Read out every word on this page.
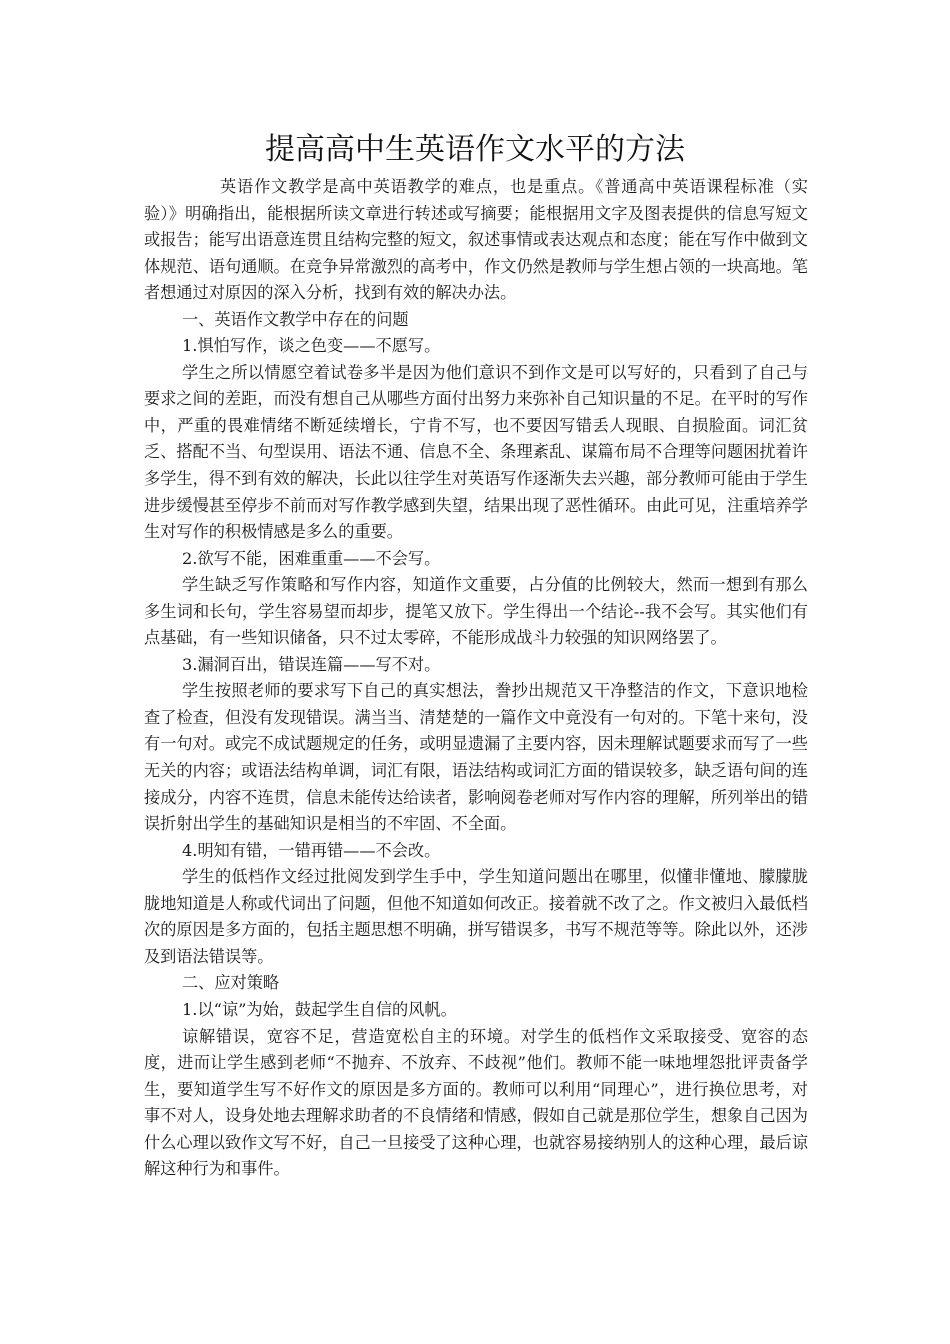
提高高中生英语作文水平的方法

英语作文教学是高中英语教学的难点，也是重点。《普通高中英语课程标准（实验）》明确指出，能根据所读文章进行转述或写摘要；能根据用文字及图表提供的信息写短文或报告；能写出语意连贯且结构完整的短文，叙述事情或表达观点和态度；能在写作中做到文体规范、语句通顺。在竞争异常激烈的高考中，作文仍然是教师与学生想占领的一块高地。笔者想通过对原因的深入分析，找到有效的解决办法。

一、英语作文教学中存在的问题

1.惧怕写作，谈之色变——不愿写。

学生之所以情愿空着试卷多半是因为他们意识不到作文是可以写好的，只看到了自己与要求之间的差距，而没有想自己从哪些方面付出努力来弥补自己知识量的不足。在平时的写作中，严重的畏难情绪不断延续增长，宁肯不写，也不要因写错丢人现眼、自损脸面。词汇贫乏、搭配不当、句型误用、语法不通、信息不全、条理紊乱、谋篇布局不合理等问题困扰着许多学生，得不到有效的解决，长此以往学生对英语写作逐渐失去兴趣，部分教师可能由于学生进步缓慢甚至停步不前而对写作教学感到失望，结果出现了恶性循环。由此可见，注重培养学生对写作的积极情感是多么的重要。

2.欲写不能，困难重重——不会写。

学生缺乏写作策略和写作内容，知道作文重要，占分值的比例较大，然而一想到有那么多生词和长句，学生容易望而却步，提笔又放下。学生得出一个结论--我不会写。其实他们有点基础，有一些知识储备，只不过太零碎，不能形成战斗力较强的知识网络罢了。

3.漏洞百出，错误连篇——写不对。

学生按照老师的要求写下自己的真实想法，誊抄出规范又干净整洁的作文，下意识地检查了检查，但没有发现错误。满当当、清楚楚的一篇作文中竟没有一句对的。下笔十来句，没有一句对。或完不成试题规定的任务，或明显遗漏了主要内容，因未理解试题要求而写了一些无关的内容；或语法结构单调，词汇有限，语法结构或词汇方面的错误较多，缺乏语句间的连接成分，内容不连贯，信息未能传达给读者，影响阅卷老师对写作内容的理解，所列举出的错误折射出学生的基础知识是相当的不牢固、不全面。

4.明知有错，一错再错——不会改。

学生的低档作文经过批阅发到学生手中，学生知道问题出在哪里，似懂非懂地、朦朦胧胧地知道是人称或代词出了问题，但他不知道如何改正。接着就不改了之。作文被归入最低档次的原因是多方面的，包括主题思想不明确，拼写错误多，书写不规范等等。除此以外，还涉及到语法错误等。

二、应对策略

1.以“谅”为始，鼓起学生自信的风帆。

谅解错误，宽容不足，营造宽松自主的环境。对学生的低档作文采取接受、宽容的态度，进而让学生感到老师“不抛弃、不放弃、不歧视”他们。教师不能一味地埋怨批评责备学生，要知道学生写不好作文的原因是多方面的。教师可以利用“同理心”，进行换位思考，对事不对人，设身处地去理解求助者的不良情绪和情感，假如自己就是那位学生，想象自己因为什么心理以致作文写不好，自己一旦接受了这种心理，也就容易接纳别人的这种心理，最后谅解这种行为和事件。
